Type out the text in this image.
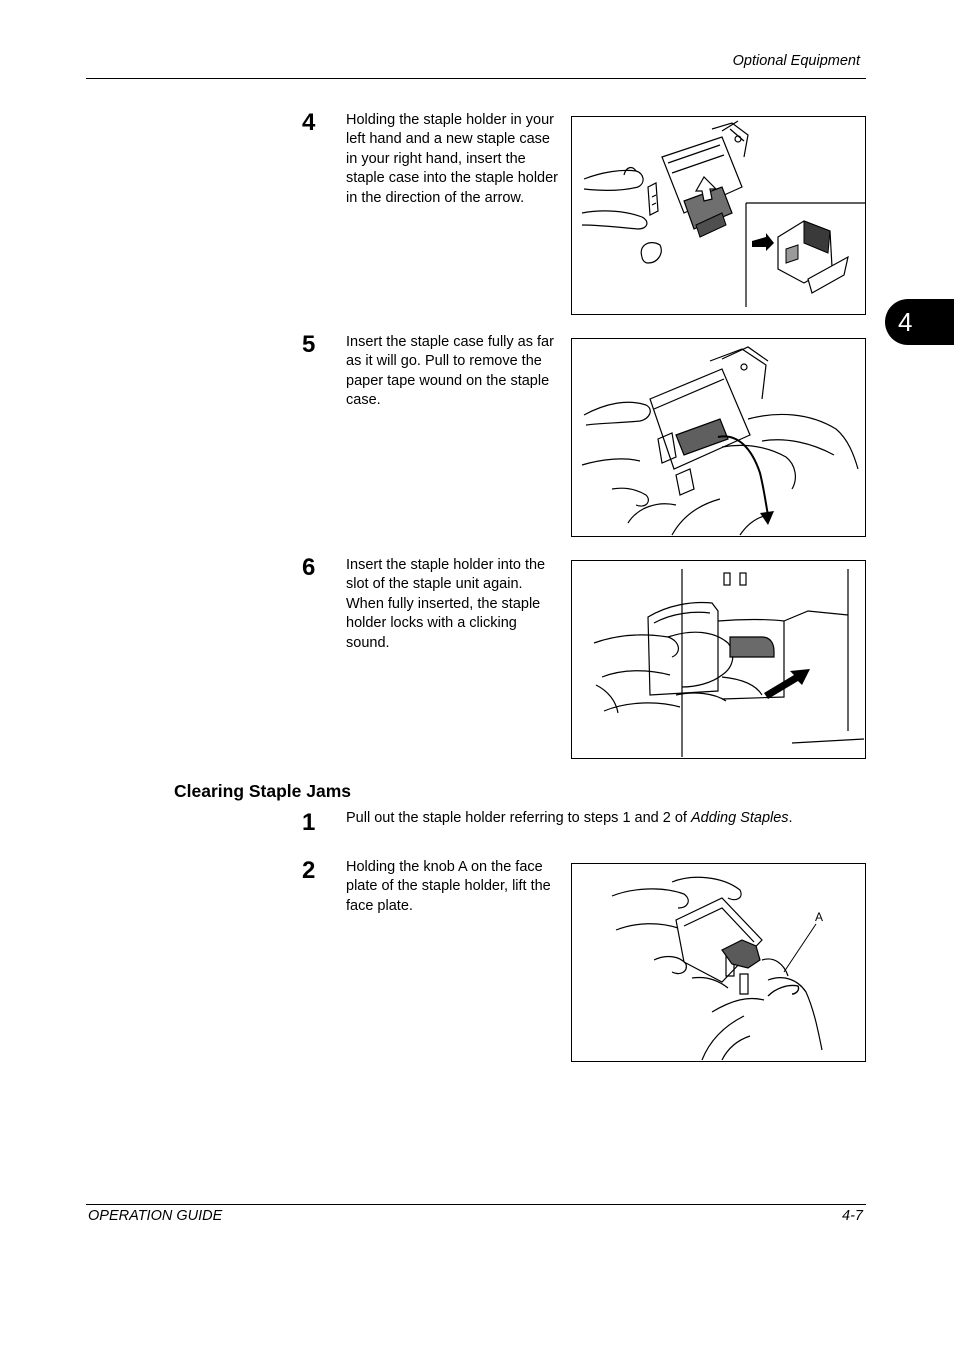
Optional Equipment
4
4 Holding the staple holder in your left hand and a new staple case in your right hand, insert the staple case into the staple holder in the direction of the arrow.
5 Insert the staple case fully as far as it will go. Pull to remove the paper tape wound on the staple case.
6 Insert the staple holder into the slot of the staple unit again. When fully inserted, the staple holder locks with a clicking sound.
Clearing Staple Jams
1 Pull out the staple holder referring to steps 1 and 2 of Adding Staples.
2 Holding the knob A on the face plate of the staple holder, lift the face plate.
A
OPERATION GUIDE	4-7
